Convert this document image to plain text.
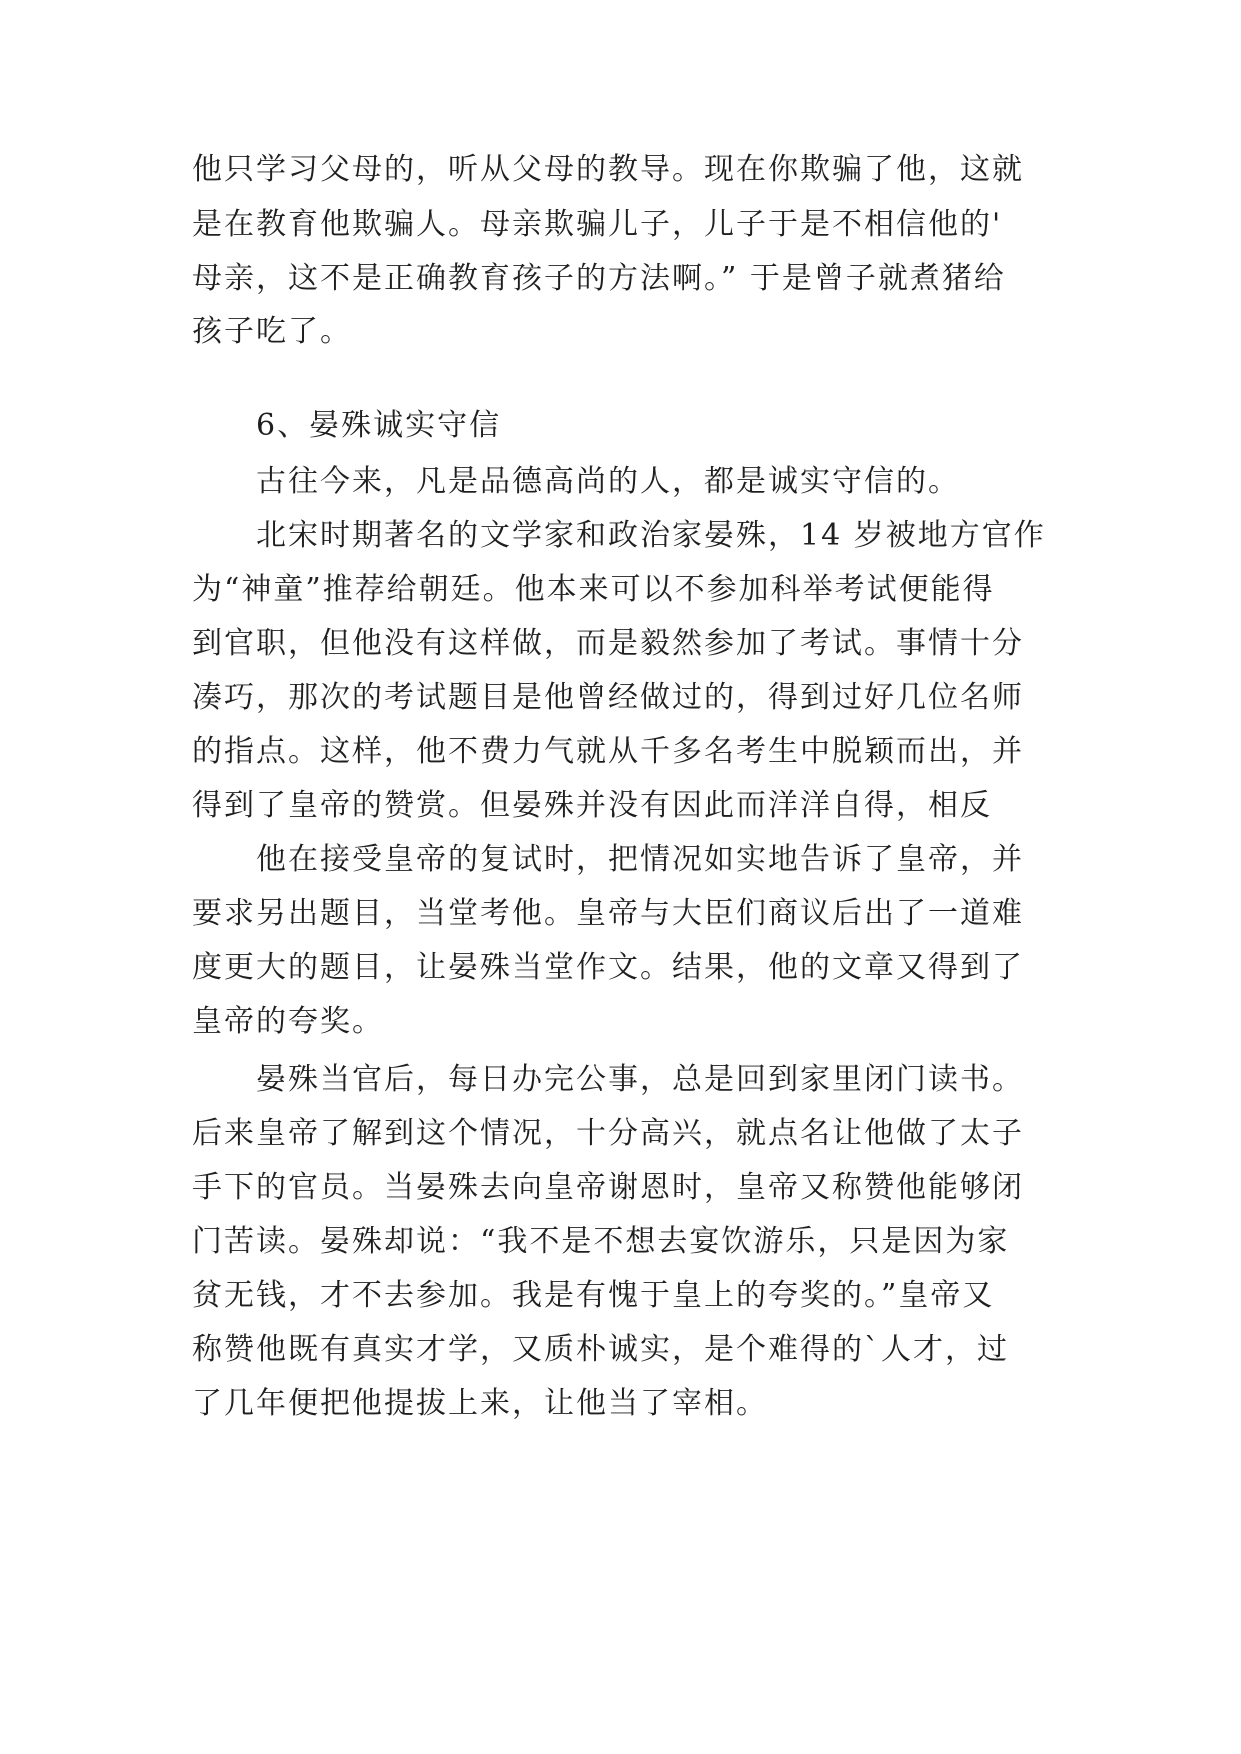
他只学习父母的，听从父母的教导。现在你欺骗了他，这就
是在教育他欺骗人。母亲欺骗儿子，儿子于是不相信他的'
母亲，这不是正确教育孩子的方法啊。” 于是曾子就煮猪给
孩子吃了。
6、晏殊诚实守信
古往今来，凡是品德高尚的人，都是诚实守信的。
北宋时期著名的文学家和政治家晏殊，14 岁被地方官作
为“神童”推荐给朝廷。他本来可以不参加科举考试便能得
到官职，但他没有这样做，而是毅然参加了考试。事情十分
凑巧，那次的考试题目是他曾经做过的，得到过好几位名师
的指点。这样，他不费力气就从千多名考生中脱颖而出，并
得到了皇帝的赞赏。但晏殊并没有因此而洋洋自得，相反
他在接受皇帝的复试时，把情况如实地告诉了皇帝，并
要求另出题目，当堂考他。皇帝与大臣们商议后出了一道难
度更大的题目，让晏殊当堂作文。结果，他的文章又得到了
皇帝的夸奖。
晏殊当官后，每日办完公事，总是回到家里闭门读书。
后来皇帝了解到这个情况，十分高兴，就点名让他做了太子
手下的官员。当晏殊去向皇帝谢恩时，皇帝又称赞他能够闭
门苦读。晏殊却说：“我不是不想去宴饮游乐，只是因为家
贫无钱，才不去参加。我是有愧于皇上的夸奖的。”皇帝又
称赞他既有真实才学，又质朴诚实，是个难得的`人才，过
了几年便把他提拔上来，让他当了宰相。
